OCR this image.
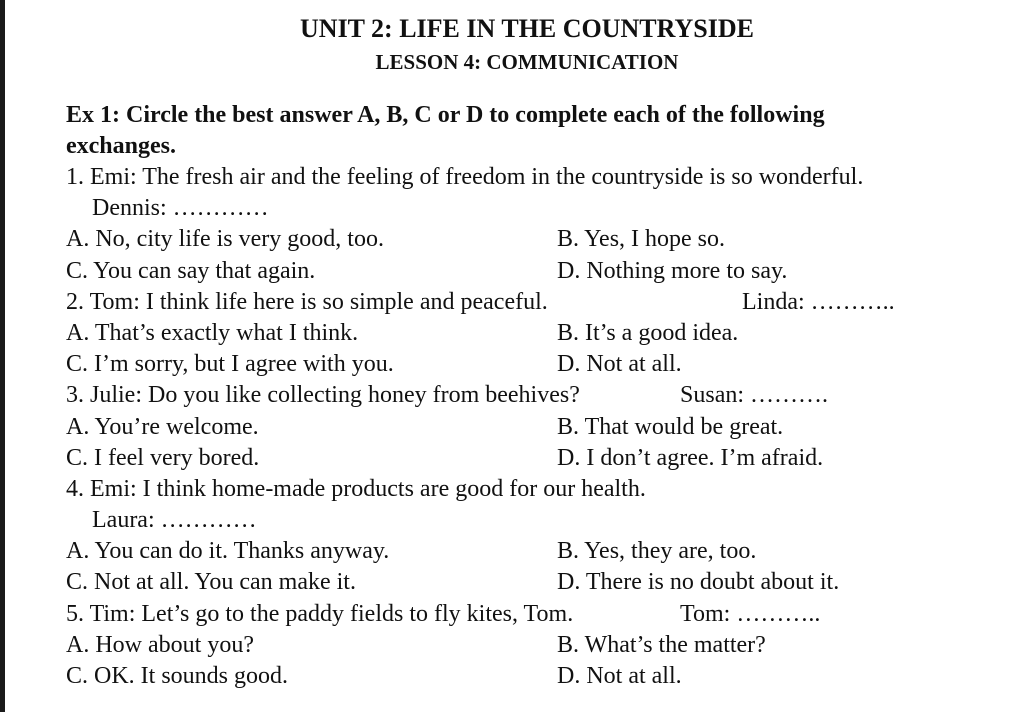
UNIT 2: LIFE IN THE COUNTRYSIDE
LESSON 4: COMMUNICATION
Ex 1: Circle the best answer A, B, C or D to complete each of the following
exchanges.
1. Emi: The fresh air and the feeling of freedom in the countryside is so wonderful.
Dennis: …………
A. No, city life is very good, too.	B. Yes, I hope so.
C. You can say that again.	D. Nothing more to say.
2. Tom: I think life here is so simple and peaceful.	Linda: ………..
A. That’s exactly what I think.	B. It’s a good idea.
C. I’m sorry, but I agree with you.	D. Not at all.
3. Julie: Do you like collecting honey from beehives?	Susan: ……….
A. You’re welcome.	B. That would be great.
C. I feel very bored.	D. I don’t agree. I’m afraid.
4. Emi: I think home-made products are good for our health.
Laura: …………
A. You can do it. Thanks anyway.	B. Yes, they are, too.
C. Not at all. You can make it.	D. There is no doubt about it.
5. Tim: Let’s go to the paddy fields to fly kites, Tom.	Tom: ………..
A. How about you?	B. What’s the matter?
C. OK. It sounds good.	D. Not at all.
